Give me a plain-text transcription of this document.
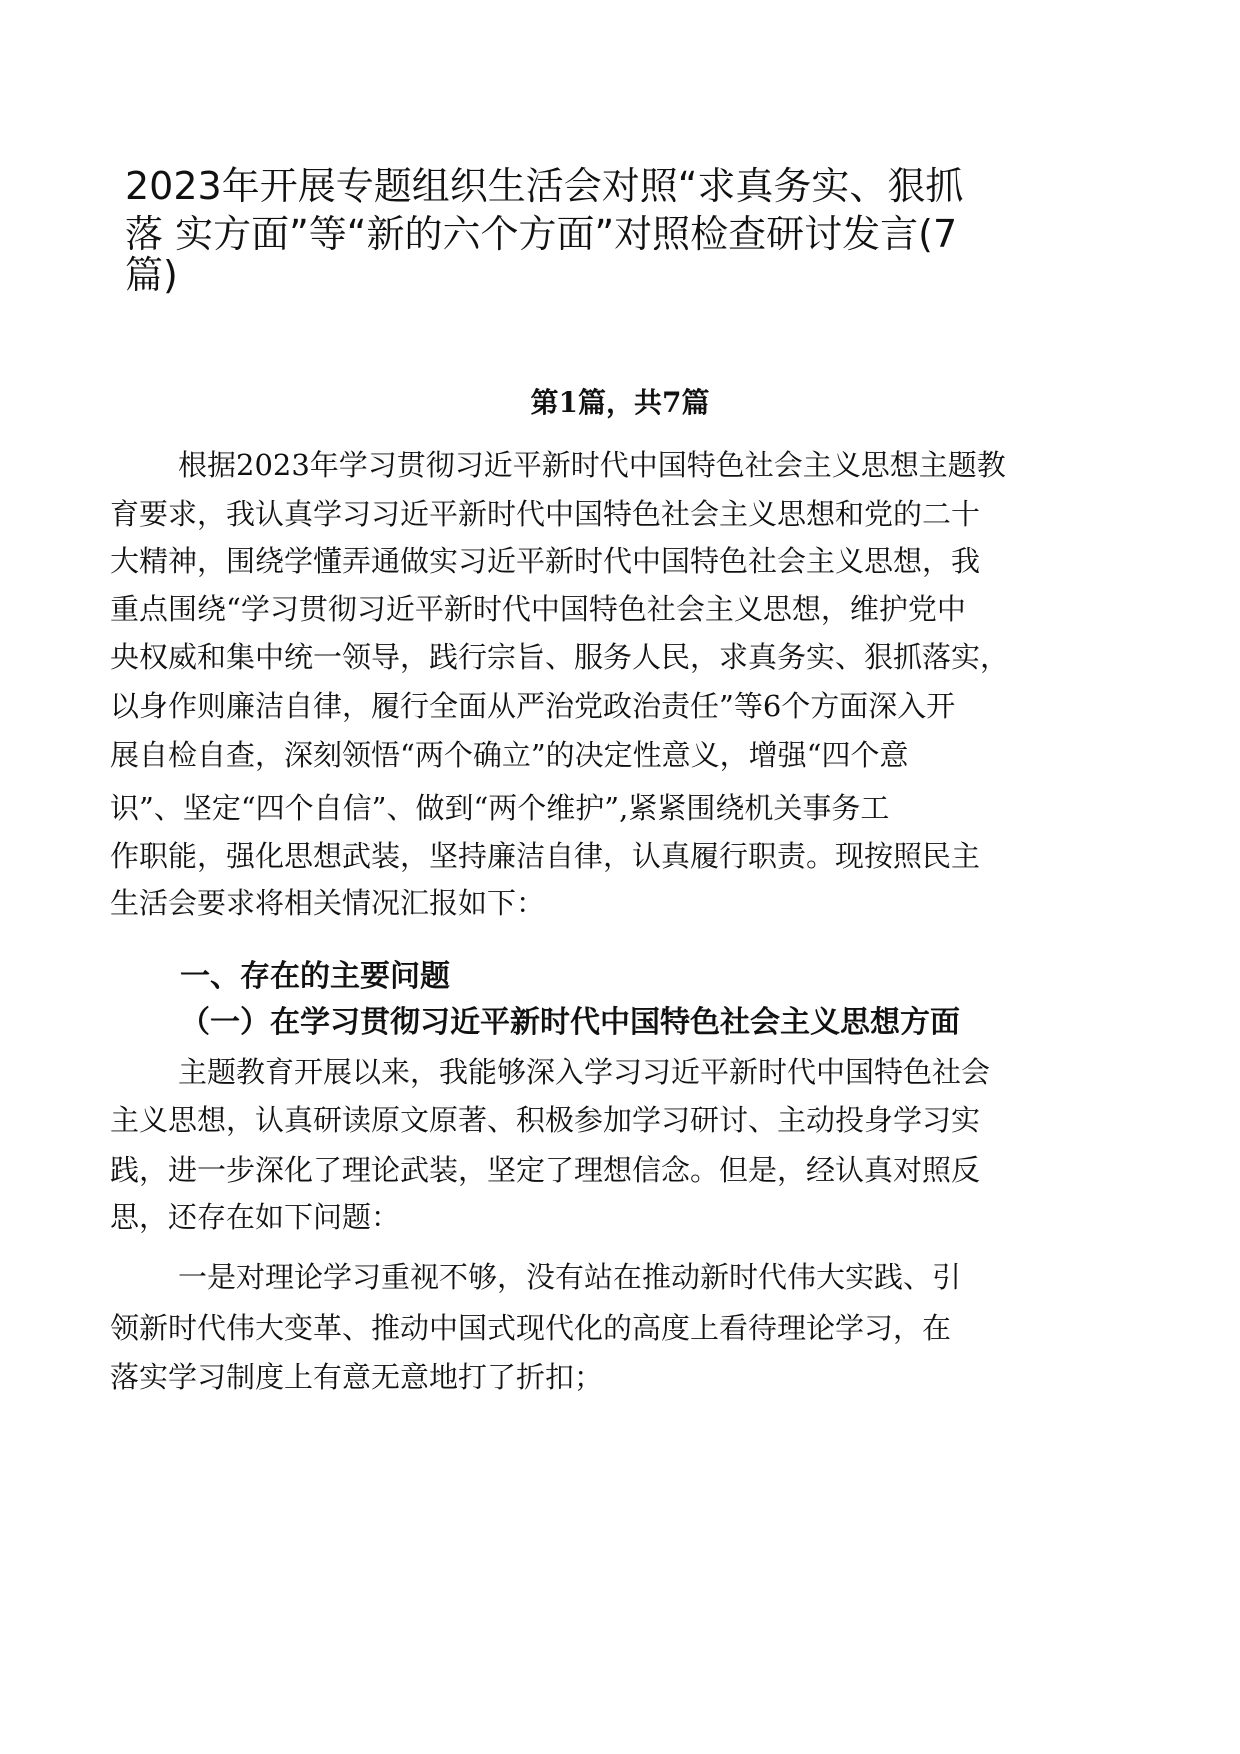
2023年开展专题组织生活会对照“求真务实、狠抓
落 实方面”等“新的六个方面”对照检查研讨发言(7
篇)
第1篇，共7篇

根据2023年学习贯彻习近平新时代中国特色社会主义思想主题教

育要求，我认真学习习近平新时代中国特色社会主义思想和党的二十

大精神，围绕学懂弄通做实习近平新时代中国特色社会主义思想，我

重点围绕“学习贯彻习近平新时代中国特色社会主义思想，维护党中

央权威和集中统一领导，践行宗旨、服务人民，求真务实、狠抓落实，

以身作则廉洁自律，履行全面从严治党政治责任”等6个方面深入开

展自检自查，深刻领悟“两个确立”的决定性意义，增强“四个意

识”、坚定“四个自信”、做到“两个维护”,紧紧围绕机关事务工

作职能，强化思想武装，坚持廉洁自律，认真履行职责。现按照民主

生活会要求将相关情况汇报如下：

一、存在的主要问题
（一）在学习贯彻习近平新时代中国特色社会主义思想方面

主题教育开展以来，我能够深入学习习近平新时代中国特色社会

主义思想，认真研读原文原著、积极参加学习研讨、主动投身学习实

践，进一步深化了理论武装，坚定了理想信念。但是，经认真对照反

思，还存在如下问题：

一是对理论学习重视不够，没有站在推动新时代伟大实践、引

领新时代伟大变革、推动中国式现代化的高度上看待理论学习，在

落实学习制度上有意无意地打了折扣；
